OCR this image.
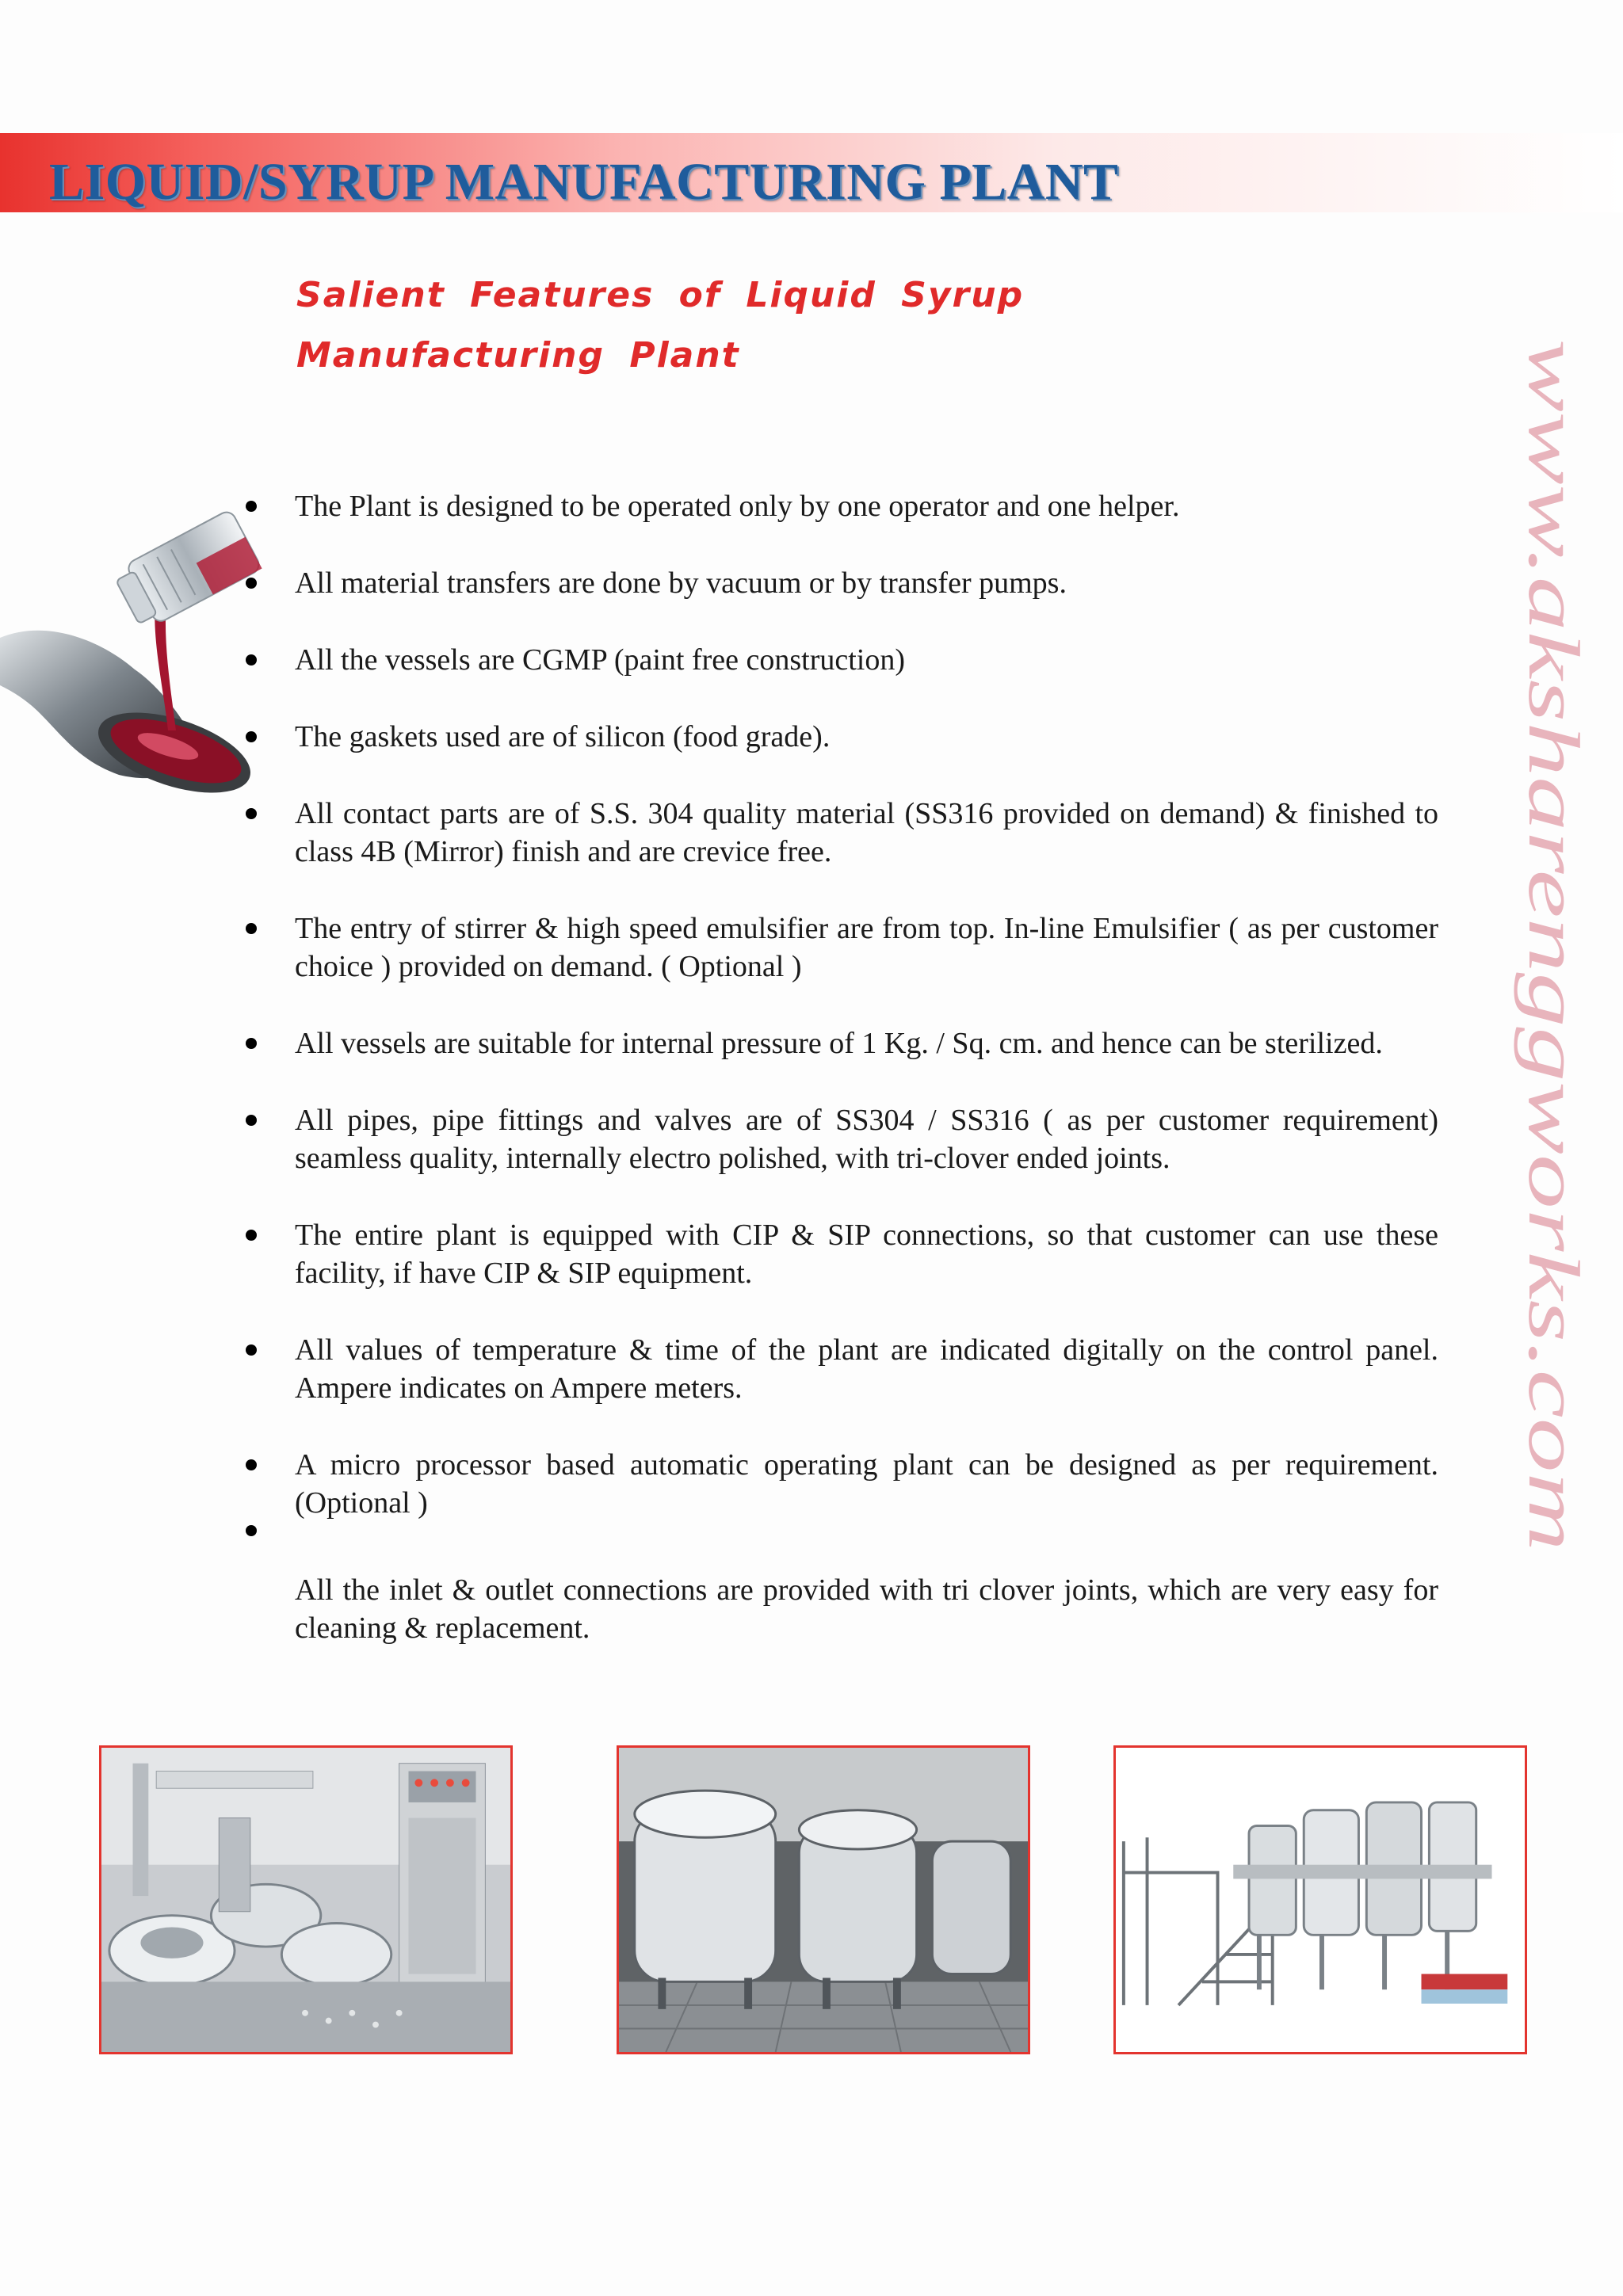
LIQUID/SYRUP MANUFACTURING PLANT
Salient Features of Liquid Syrup
Manufacturing Plant	www.aksharenggworks.com
The Plant is designed to be operated only by one operator and one helper.
All material transfers are done by vacuum or by transfer pumps.
All the vessels are CGMP (paint free construction)
The gaskets used are of silicon (food grade).
All contact parts are of S.S. 304 quality material (SS316 provided on demand) & finished to class 4B (Mirror) finish and are crevice free.
The entry of stirrer & high speed emulsifier are from top. In-line Emulsifier ( as per customer choice ) provided on demand. ( Optional )
All vessels are suitable for internal pressure of 1 Kg. / Sq. cm. and hence can be sterilized.
All pipes, pipe fittings and valves are of SS304 / SS316 ( as per customer requirement) seamless quality, internally electro polished, with tri-clover ended joints.
The entire plant is equipped with CIP & SIP connections, so that customer can use these facility, if have CIP & SIP equipment.
All values of temperature & time of the plant are indicated digitally on the control panel. Ampere indicates on Ampere meters.
A micro processor based automatic operating plant can be designed as per requirement. (Optional )
All the inlet & outlet connections are provided with tri clover joints, which are very easy for cleaning & replacement.
